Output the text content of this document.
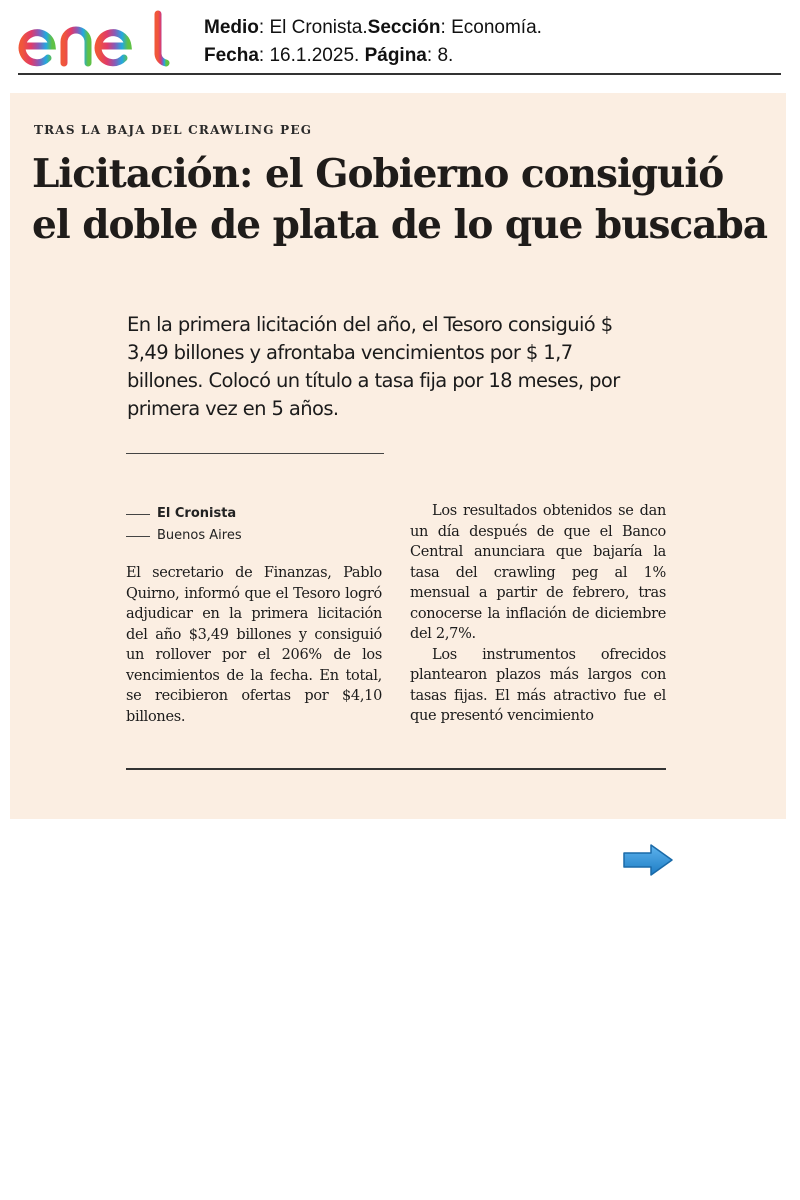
Medio: El Cronista.Sección: Economía.
Fecha: 16.1.2025. Página: 8.
TRAS LA BAJA DEL CRAWLING PEG
Licitación: el Gobierno consiguió el doble de plata de lo que buscaba
En la primera licitación del año, el Tesoro consiguió $ 3,49 billones y afrontaba vencimientos por $ 1,7 billones. Colocó un título a tasa fija por 18 meses, por primera vez en 5 años.
El Cronista
Buenos Aires

El secretario de Finanzas, Pablo Quirno, informó que el Tesoro logró adjudicar en la primera licitación del año $3,49 billones y consiguió un rollover por el 206% de los vencimientos de la fecha. En total, se recibieron ofertas por $4,10 billones.

Los resultados obtenidos se dan un día después de que el Banco Central anunciara que bajaría la tasa del crawling peg al 1% mensual a partir de febrero, tras conocerse la inflación de diciembre del 2,7%.

Los instrumentos ofrecidos plantearon plazos más largos con tasas fijas. El más atractivo fue el que presentó vencimiento
